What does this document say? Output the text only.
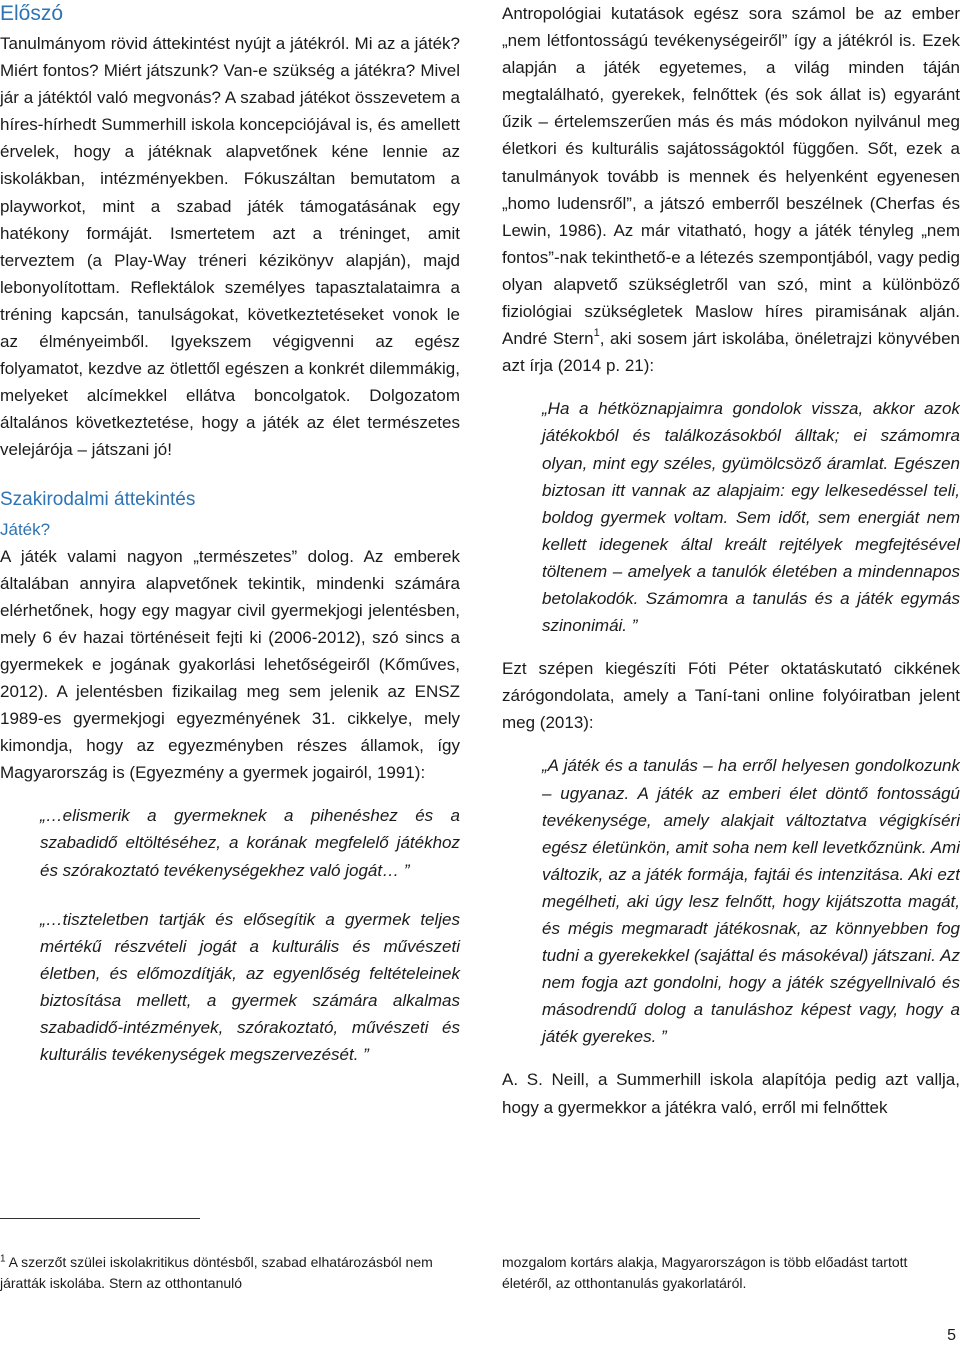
Előszó

Tanulmányom rövid áttekintést nyújt a játékról. Mi az a játék? Miért fontos? Miért játszunk? Van-e szükség a játékra? Mivel jár a játéktól való megvonás? A szabad játékot összevetem a híres-hírhedt Summerhill iskola koncepciójával is, és amellett érvelek, hogy a játéknak alapvetőnek kéne lennie az iskolákban, intézményekben. Fókuszáltan bemutatom a playworkot, mint a szabad játék támogatásának egy hatékony formáját. Ismertetem azt a tréninget, amit terveztem (a Play-Way tréneri kézikönyv alapján), majd lebonyolítottam. Reflektálok személyes tapasztalataimra a tréning kapcsán, tanulságokat, következtetéseket vonok le az élményeimből. Igyekszem végigvenni az egész folyamatot, kezdve az ötlettől egészen a konkrét dilemmákig, melyeket alcímekkel ellátva boncolgatok. Dolgozatom általános következtetése, hogy a játék az élet természetes velejárója – játszani jó!

Szakirodalmi áttekintés
Játék?

A játék valami nagyon „természetes” dolog. Az emberek általában annyira alapvetőnek tekintik, mindenki számára elérhetőnek, hogy egy magyar civil gyermekjogi jelentésben, mely 6 év hazai történéseit fejti ki (2006-2012), szó sincs a gyermekek e jogának gyakorlási lehetőségeiről (Kőműves, 2012). A jelentésben fizikailag meg sem jelenik az ENSZ 1989-es gyermekjogi egyezményének 31. cikkelye, mely kimondja, hogy az egyezményben részes államok, így Magyarország is (Egyezmény a gyermek jogairól, 1991):

„…elismerik a gyermeknek a pihenéshez és a szabadidő eltöltéséhez, a korának megfelelő játékhoz és szórakoztató tevékenységekhez való jogát… ”
„…tiszteletben tartják és elősegítik a gyermek teljes mértékű részvételi jogát a kulturális és művészeti életben, és előmozdítják, az egyenlőség feltételeinek biztosítása mellett, a gyermek számára alkalmas szabadidő-intézmények, szórakoztató, művészeti és kulturális tevékenységek megszervezését. ”

Antropológiai kutatások egész sora számol be az ember „nem létfontosságú tevékenységeiről” így a játékról is. Ezek alapján a játék egyetemes, a világ minden táján megtalálható, gyerekek, felnőttek (és sok állat is) egyaránt űzik – értelemszerűen más és más módokon nyilvánul meg életkori és kulturális sajátosságoktól függően. Sőt, ezek a tanulmányok tovább is mennek és helyenként egyenesen „homo ludensről”, a játszó emberről beszélnek (Cherfas és Lewin, 1986). Az már vitatható, hogy a játék tényleg „nem fontos”-nak tekinthető-e a létezés szempontjából, vagy pedig olyan alapvető szükségletről van szó, mint a különböző fiziológiai szükségletek Maslow híres piramisának alján. André Stern$^1$, aki sosem járt iskolába, önéletrajzi könyvében azt írja (2014 p. 21):

„Ha a hétköznapjaimra gondolok vissza, akkor azok játékokból és találkozásokból álltak; ei számomra olyan, mint egy széles, gyümölcsöző áramlat. Egészen biztosan itt vannak az alapjaim: egy lelkesedéssel teli, boldog gyermek voltam. Sem időt, sem energiát nem kellett idegenek által kreált rejtélyek megfejtésével töltenem – amelyek a tanulók életében a mindennapos betolakodók. Számomra a tanulás és a játék egymás szinonimái. ”

Ezt szépen kiegészíti Fóti Péter oktatáskutató cikkének zárógondolata, amely a Taní-tani online folyóiratban jelent meg (2013):

„A játék és a tanulás – ha erről helyesen gondolkozunk – ugyanaz. A játék az emberi élet döntő fontosságú tevékenysége, amely alakjait változtatva végigkíséri egész életünkön, amit soha nem kell levetkőznünk. Ami változik, az a játék formája, fajtái és intenzitása. Aki ezt megélheti, aki úgy lesz felnőtt, hogy kijátszotta magát, és mégis megmaradt játékosnak, az könnyebben fog tudni a gyerekekkel (sajáttal és másokéval) játszani. Az nem fogja azt gondolni, hogy a játék szégyellnivaló és másodrendű dolog a tanuláshoz képest vagy, hogy a játék gyerekes. ”

A. S. Neill, a Summerhill iskola alapítója pedig azt vallja, hogy a gyermekkor a játékra való, erről mi felnőttek

$^1$ A szerzőt szülei iskolakritikus döntésből, szabad elhatározásból nem járatták iskolába. Stern az otthontanuló
mozgalom kortárs alakja, Magyarországon is több előadást tartott életéről, az otthontanulás gyakorlatáról.
5
